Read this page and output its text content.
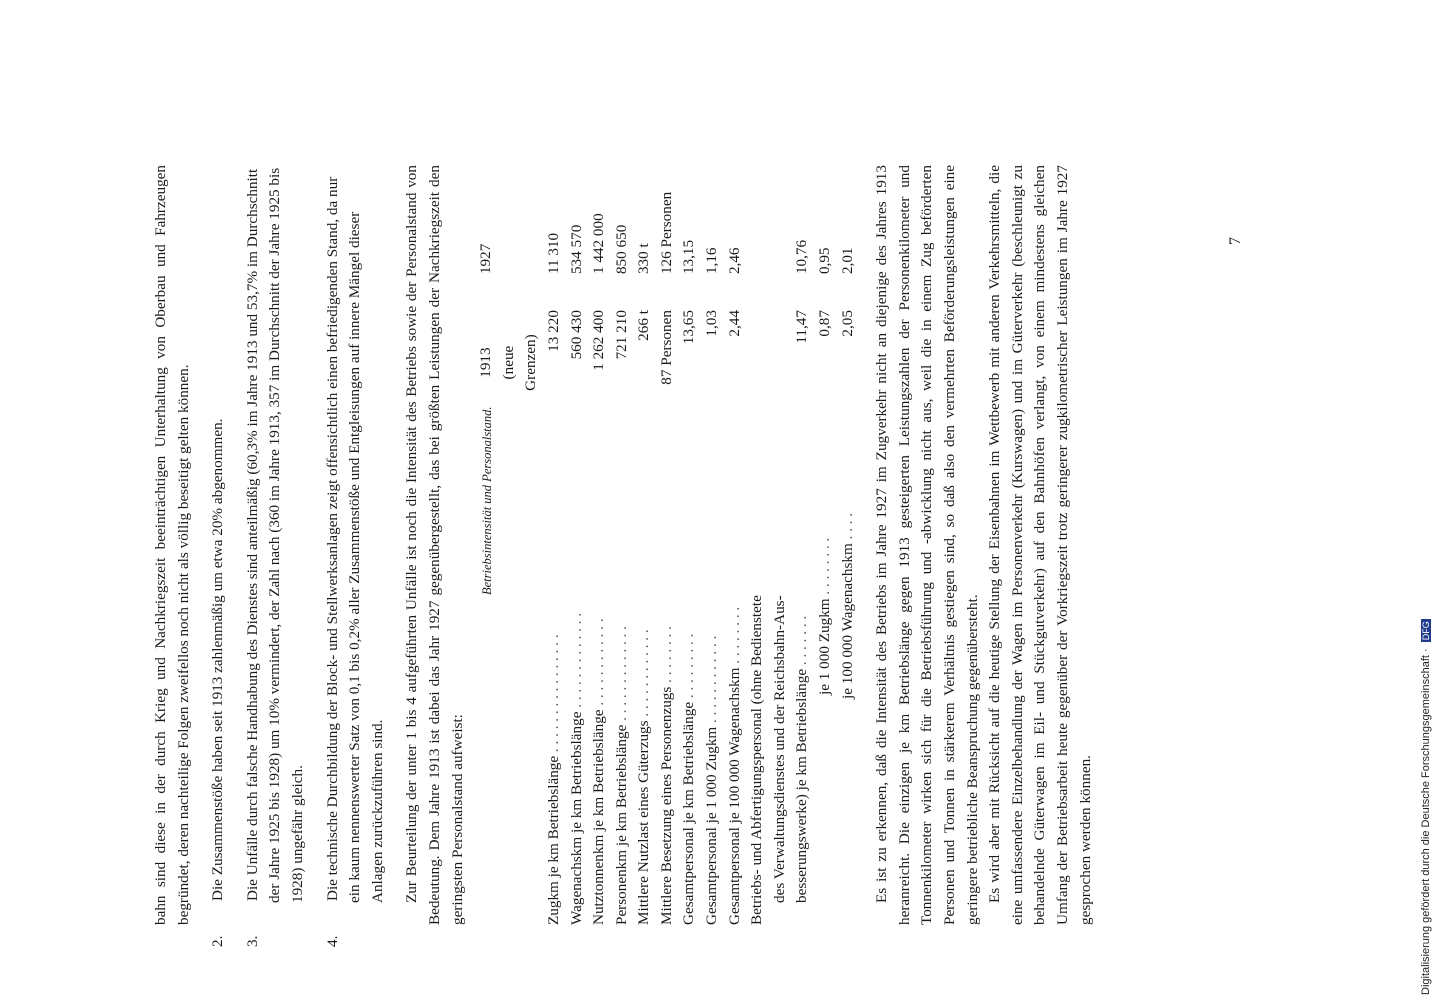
bahn sind diese in der durch Krieg und Nachkriegszeit beeinträchtigen Unterhaltung von Oberbau und Fahrzeugen begründet, deren nachteilige Folgen zweifellos noch nicht als völlig beseitigt gelten können.

2.Die Zusammenstöße haben seit 1913 zahlenmäßig um etwa 20% abgenommen.
3.Die Unfälle durch falsche Handhabung des Dienstes sind anteilmäßig (60,3% im Jahre 1913 und 53,7% im Durchschnitt der Jahre 1925 bis 1928) um 10% vermindert, der Zahl nach (360 im Jahre 1913, 357 im Durchschnitt der Jahre 1925 bis 1928) ungefähr gleich.
4.Die technische Durchbildung der Block- und Stellwerksanlagen zeigt offensichtlich einen befriedigenden Stand, da nur ein kaum nennenswerter Satz von 0,1 bis 0,2% aller Zusammenstöße und Entgleisungen auf innere Mängel dieser Anlagen zurückzuführen sind. Zur Beurteilung der unter 1 bis 4 aufgeführten Unfälle ist noch die Intensität des Betriebs sowie der Personalstand von Bedeutung. Dem Jahre 1913 ist dabei das Jahr 1927 gegenübergestellt, das bei größten Leistungen der Nachkriegszeit den geringsten Personalstand aufweist:

	1913 (neue Grenzen)	1927
Zugkm je km Betriebslänge . . . . . . . . . . . . . . . .	13 220	11 310
Wagenachskm je km Betriebslänge . . . . . . . . . . . . .	560 430	534 570
Nutztonnenkm je km Betriebslänge . . . . . . . . . . . .	1 262 400	1 442 000
Personenkm je km Betriebslänge . . . . . . . . . . . . .	721 210	850 650
Mittlere Nutzlast eines Güterzugs . . . . . . . . . . . .	266 t	330 t
Mittlere Besetzung eines Personenzugs . . . . . . . .	87 Personen	126 Personen
Gesamtpersonal je km Betriebslänge . . . . . . . . .	13,65	13,15
Gesamtpersonal je 1 000 Zugkm . . . . . . . . . . . .	1,03	1,16
Gesamtpersonal je 100 000 Wagenachskm . . . . . . . .	2,44	2,46
Betriebs- und Abfertigungspersonal (ohne Bedienstete		
des Verwaltungsdienstes und der Reichsbahn-Aus-		
besserungswerke) je km Betriebslänge . . . . . . .	11,47	10,76
je 1 000 Zugkm . . . . . . . .	0,87	0,95
je 100 000 Wagenachskm . . . .	2,05	2,01 Es ist zu erkennen, daß die Intensität des Betriebs im Jahre 1927 im Zugverkehr nicht an diejenige des Jahres 1913 heranreicht. Die einzigen je km Betriebslänge gegen 1913 gesteigerten Leistungszahlen der Personenkilometer und Tonnenkilometer wirken sich für die Betriebsführung und -abwicklung nicht aus, weil die in einem Zug beförderten Personen und Tonnen in stärkerem Verhältnis gestiegen sind, so daß also den vermehrten Beförderungsleistungen eine geringere betriebliche Beanspruchung gegenübersteht. Es wird aber mit Rücksicht auf die heutige Stellung der Eisenbahnen im Wettbewerb mit anderen Verkehrsmitteln, die eine umfassendere Einzelbehandlung der Wagen im Personenverkehr (Kurswagen) und im Güterverkehr (beschleunigt zu behandelnde Güterwagen im Eil- und Stückgutverkehr) auf den Bahnhöfen verlangt, von einem mindestens gleichen Umfang der Betriebsarbeit heute gegenüber der Vorkriegszeit trotz geringerer zugkilometrischer Leistungen im Jahre 1927 gesprochen werden können.

7
Betriebsintensität und Personalstand.
Digitalisierung gefördert durch die Deutsche Forschungsgemeinschaft · DFG
